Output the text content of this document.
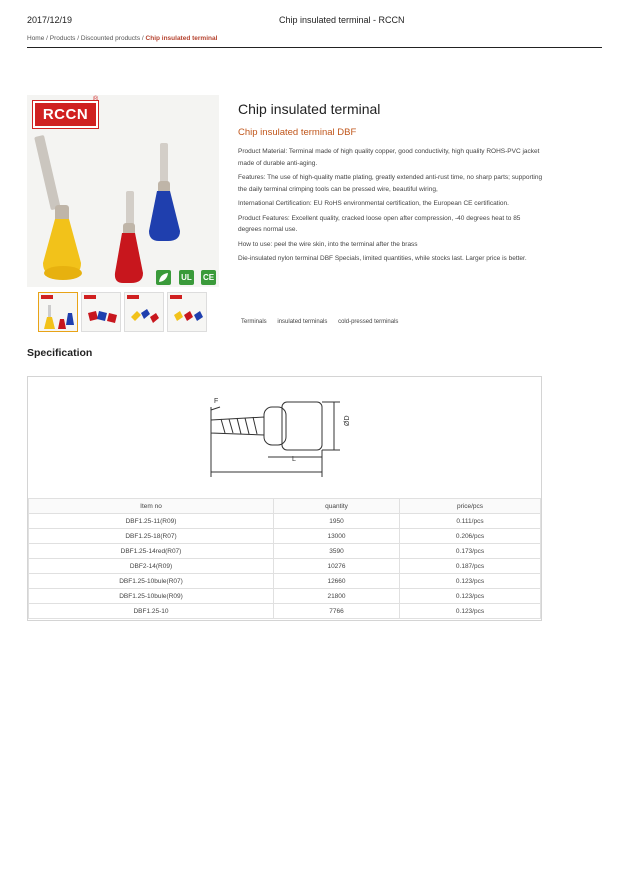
2017/12/19	Chip insulated terminal - RCCN
Home / Products / Discounted products / Chip insulated terminal
RCCN
®
UL CE
Chip insulated terminal
Chip insulated terminal DBF

Product Material: Terminal made of high quality copper, good conductivity, high quality ROHS-PVC jacket made of durable anti-aging.

Features: The use of high-quality matte plating, greatly extended anti-rust time, no sharp parts; supporting the daily terminal crimping tools can be pressed wire, beautiful wiring,

International Certification: EU RoHS environmental certification, the European CE certification.

Product Features: Excellent quality, cracked loose open after compression, -40 degrees heat to 85 degrees normal use.

How to use: peel the wire skin, into the terminal after the brass

Die-insulated nylon terminal DBF Specials, limited quantities, while stocks last. Larger price is better.

Terminals insulated terminals cold-pressed terminals
Specification
F
ØD
L
Item no	quantity	price/pcs
DBF1.25-11(R09)	1950	0.111/pcs
DBF1.25-18(R07)	13000	0.206/pcs
DBF1.25-14red(R07)	3590	0.173/pcs
DBF2-14(R09)	10276	0.187/pcs
DBF1.25-10bule(R07)	12660	0.123/pcs
DBF1.25-10bule(R09)	21800	0.123/pcs
DBF1.25-10	7766	0.123/pcs
